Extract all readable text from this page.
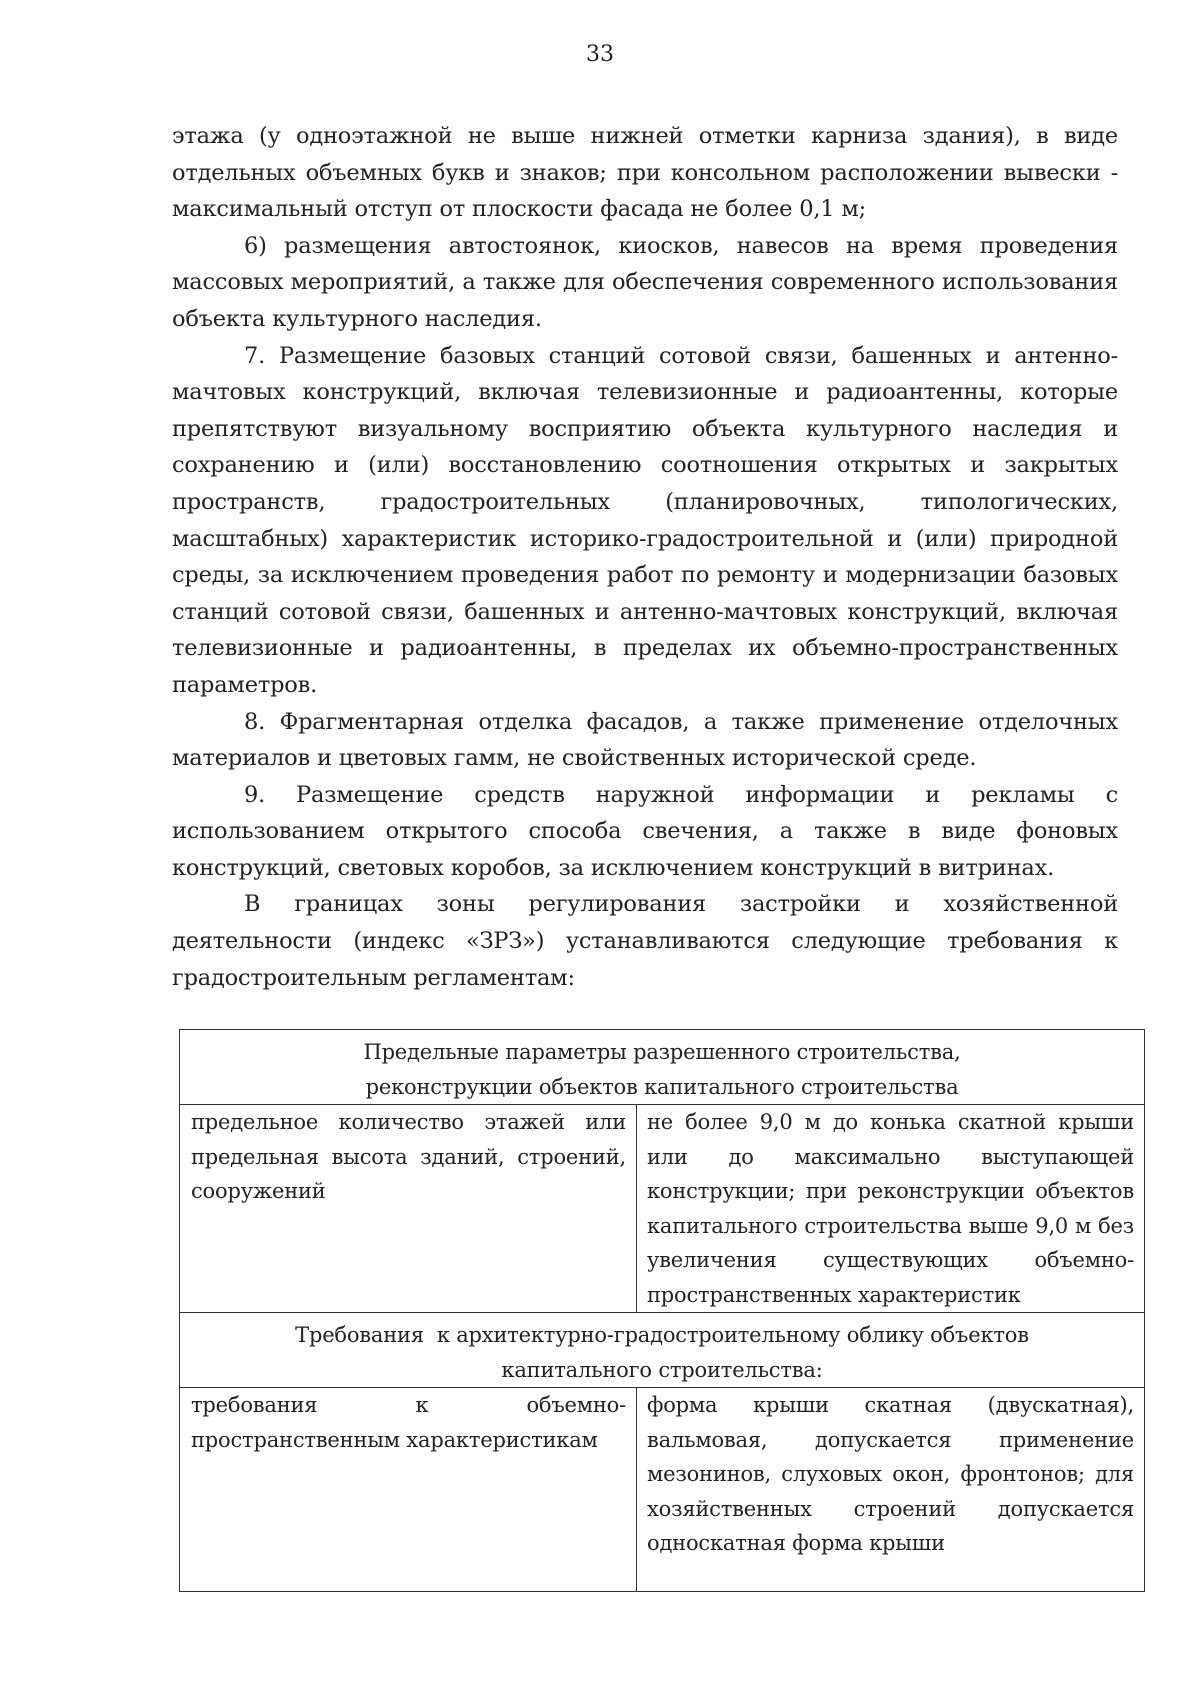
33

этажа (у одноэтажной не выше нижней отметки карниза здания), в виде отдельных объемных букв и знаков; при консольном расположении вывески - максимальный отступ от плоскости фасада не более 0,1 м;

6) размещения автостоянок, киосков, навесов на время проведения массовых мероприятий, а также для обеспечения современного использования объекта культурного наследия.

7. Размещение базовых станций сотовой связи, башенных и антенно-мачтовых конструкций, включая телевизионные и радиоантенны, которые препятствуют визуальному восприятию объекта культурного наследия и сохранению и (или) восстановлению соотношения открытых и закрытых пространств, градостроительных (планировочных, типологических, масштабных) характеристик историко-градостроительной и (или) природной среды, за исключением проведения работ по ремонту и модернизации базовых станций сотовой связи, башенных и антенно-мачтовых конструкций, включая телевизионные и радиоантенны, в пределах их объемно-пространственных параметров.

8. Фрагментарная отделка фасадов, а также применение отделочных материалов и цветовых гамм, не свойственных исторической среде.

9. Размещение средств наружной информации и рекламы с использованием открытого способа свечения, а также в виде фоновых конструкций, световых коробов, за исключением конструкций в витринах.

В границах зоны регулирования застройки и хозяйственной деятельности (индекс «ЗРЗ») устанавливаются следующие требования к градостроительным регламентам:

Предельные параметры разрешенного строительства,
реконструкции объектов капитального строительства	
предельное количество этажей или предельная высота зданий, строений, сооружений	не более 9,0 м до конька скатной крыши или до максимально выступающей конструкции; при реконструкции объектов капитального строительства выше 9,0 м без увеличения существующих объемно-пространственных характеристик
Требования  к архитектурно-градостроительному облику объектов
капитального строительства:	
требования к объемно-пространственным характеристикам	форма крыши скатная (двускатная), вальмовая, допускается применение мезонинов, слуховых окон, фронтонов; для хозяйственных строений допускается односкатная форма крыши
